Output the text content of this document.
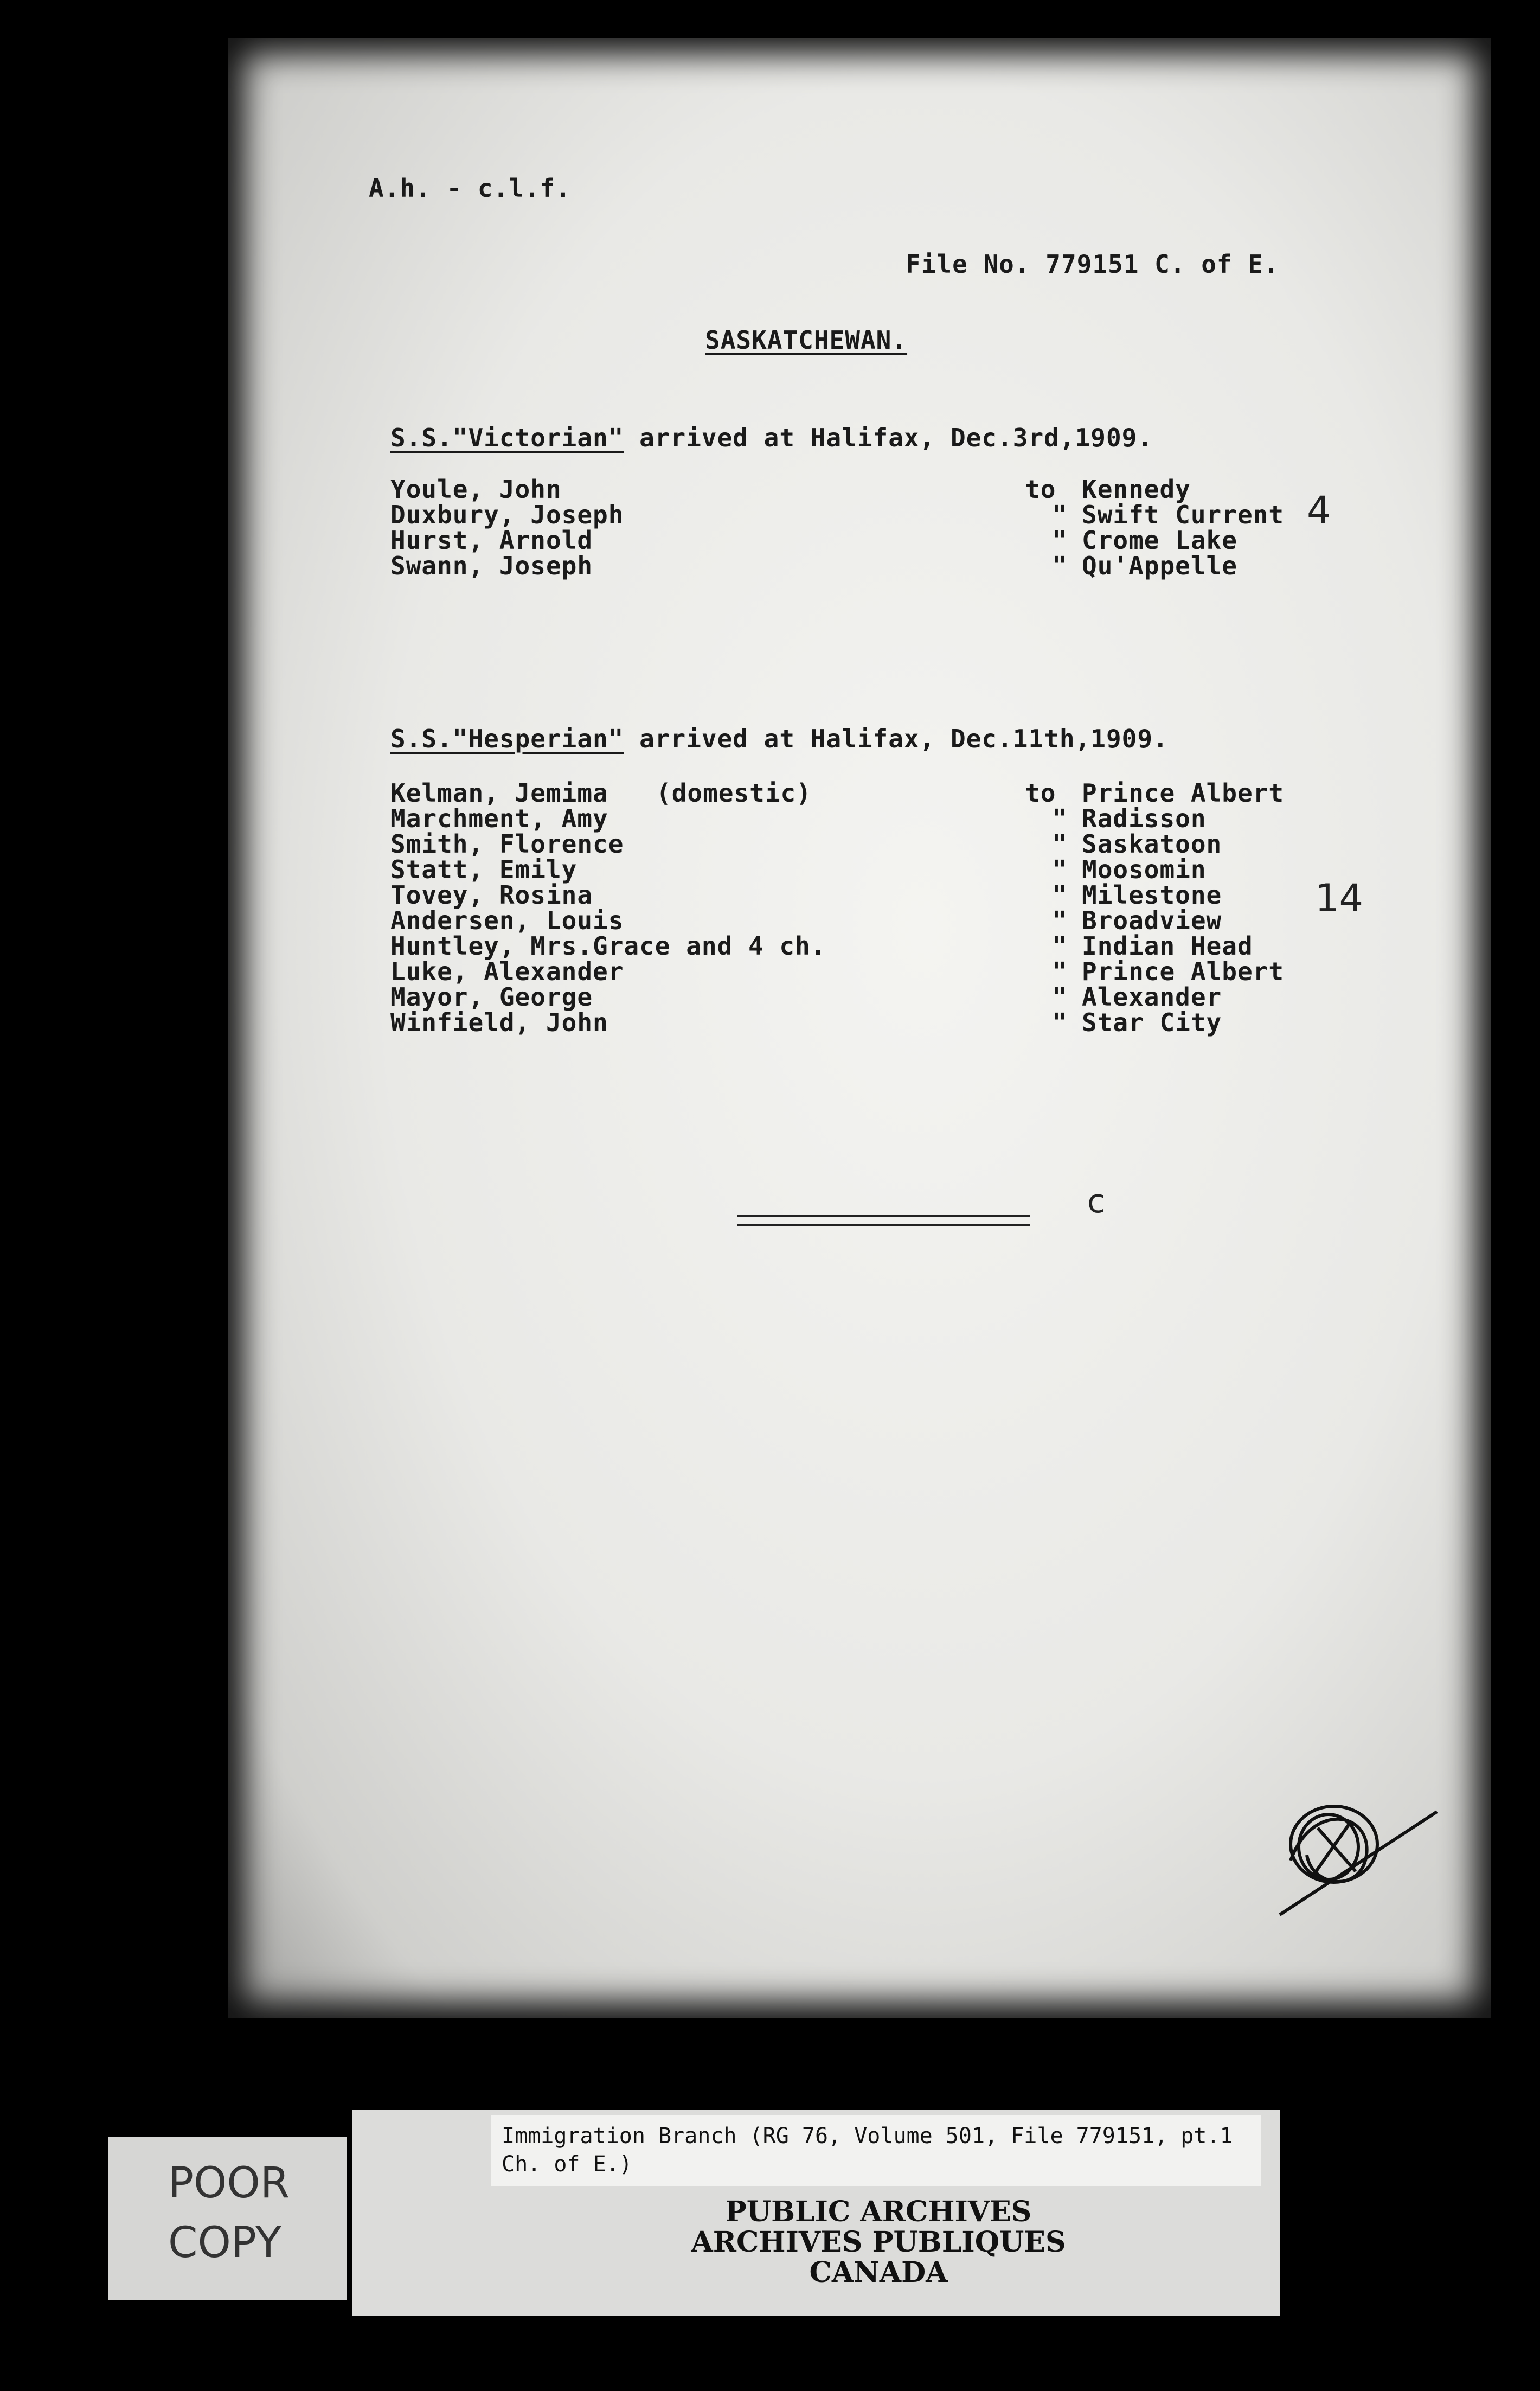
A.h. - c.l.f.
File No. 779151 C. of E.
SASKATCHEWAN.
S.S."Victorian" arrived at Halifax, Dec.3rd,1909.
Youle, John	to Kennedy
Duxbury, Joseph	" Swift Current
Hurst, Arnold	" Crome Lake
Swann, Joseph	" Qu'Appelle
4
S.S."Hesperian" arrived at Halifax, Dec.11th,1909.
Kelman, Jemima (domestic)	to Prince Albert
Marchment, Amy	" Radisson
Smith, Florence	" Saskatoon
Statt, Emily	" Moosomin
Tovey, Rosina	" Milestone
Andersen, Louis	" Broadview
Huntley, Mrs.Grace and 4 ch.	" Indian Head
Luke, Alexander	" Prince Albert
Mayor, George	" Alexander
Winfield, John	" Star City
14
c
Immigration Branch (RG 76, Volume 501, File 779151, pt.1
Ch. of E.)
PUBLIC ARCHIVES
ARCHIVES PUBLIQUES
CANADA
POOR
COPY
